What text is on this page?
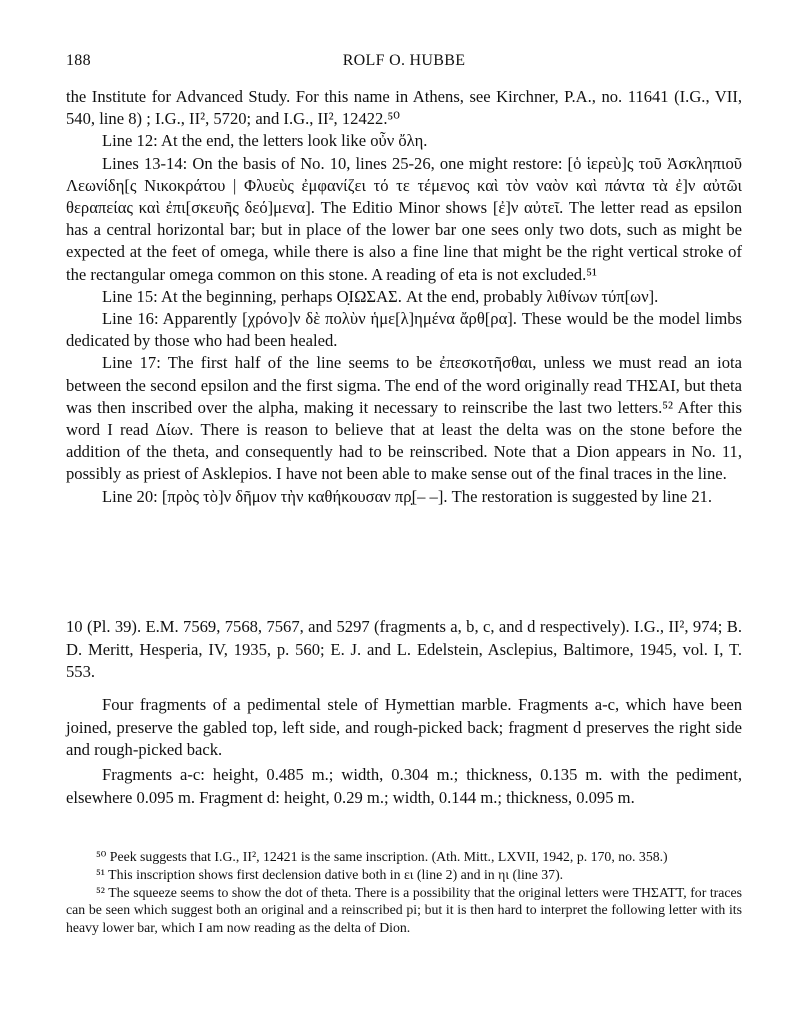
188	ROLF O. HUBBE

the Institute for Advanced Study. For this name in Athens, see Kirchner, P.A., no. 11641 (I.G., VII, 540, line 8) ; I.G., II², 5720; and I.G., II², 12422.⁵⁰

Line 12: At the end, the letters look like οὖν ὄλη.

Lines 13-14: On the basis of No. 10, lines 25-26, one might restore: [ὁ ἱερεὺ]ς τοῦ Ἀσκληπιοῦ Λεωνίδη[ς Νικοκράτου | Φλυεὺς ἐμφανίζει τό τε τέμενος καὶ τὸν ναὸν καὶ πάντα τὰ ἐ]ν αὐτῶι θεραπείας καὶ ἐπι[σκευῆς δεό]μενα]. The Editio Minor shows [ἐ]ν αὐτεῖ. The letter read as epsilon has a central horizontal bar; but in place of the lower bar one sees only two dots, such as might be expected at the feet of omega, while there is also a fine line that might be the right vertical stroke of the rectangular omega common on this stone. A reading of eta is not excluded.⁵¹

Line 15: At the beginning, perhaps Ο̣ΙΩΣΑΣ. At the end, probably λιθίνων τύπ[ων].

Line 16: Apparently [χρόνο]ν δὲ πολὺν ἡμε[λ]ημένα ἄρθ[ρα]. These would be the model limbs dedicated by those who had been healed.

Line 17: The first half of the line seems to be ἐπεσκοτῆσθαι, unless we must read an iota between the second epsilon and the first sigma. The end of the word originally read ΤΗΣΑΙ, but theta was then inscribed over the alpha, making it necessary to reinscribe the last two letters.⁵² After this word I read Δίων. There is reason to believe that at least the delta was on the stone before the addition of the theta, and consequently had to be reinscribed. Note that a Dion appears in No. 11, possibly as priest of Asklepios. I have not been able to make sense out of the final traces in the line.

Line 20: [πρὸς τὸ]ν δῆμον τὴν καθήκουσαν πρ̣[– –]. The restoration is suggested by line 21.

10 (Pl. 39). E.M. 7569, 7568, 7567, and 5297 (fragments a, b, c, and d respectively). I.G., II², 974; B. D. Meritt, Hesperia, IV, 1935, p. 560; E. J. and L. Edelstein, Asclepius, Baltimore, 1945, vol. I, T. 553.

Four fragments of a pedimental stele of Hymettian marble. Fragments a-c, which have been joined, preserve the gabled top, left side, and rough-picked back; fragment d preserves the right side and rough-picked back.

Fragments a-c: height, 0.485 m.; width, 0.304 m.; thickness, 0.135 m. with the pediment, elsewhere 0.095 m. Fragment d: height, 0.29 m.; width, 0.144 m.; thickness, 0.095 m.

⁵⁰ Peek suggests that I.G., II², 12421 is the same inscription. (Ath. Mitt., LXVII, 1942, p. 170, no. 358.)

⁵¹ This inscription shows first declension dative both in ει (line 2) and in ηι (line 37).

⁵² The squeeze seems to show the dot of theta. There is a possibility that the original letters were ΤΗΣΑΤΤ, for traces can be seen which suggest both an original and a reinscribed pi; but it is then hard to interpret the following letter with its heavy lower bar, which I am now reading as the delta of Dion.
